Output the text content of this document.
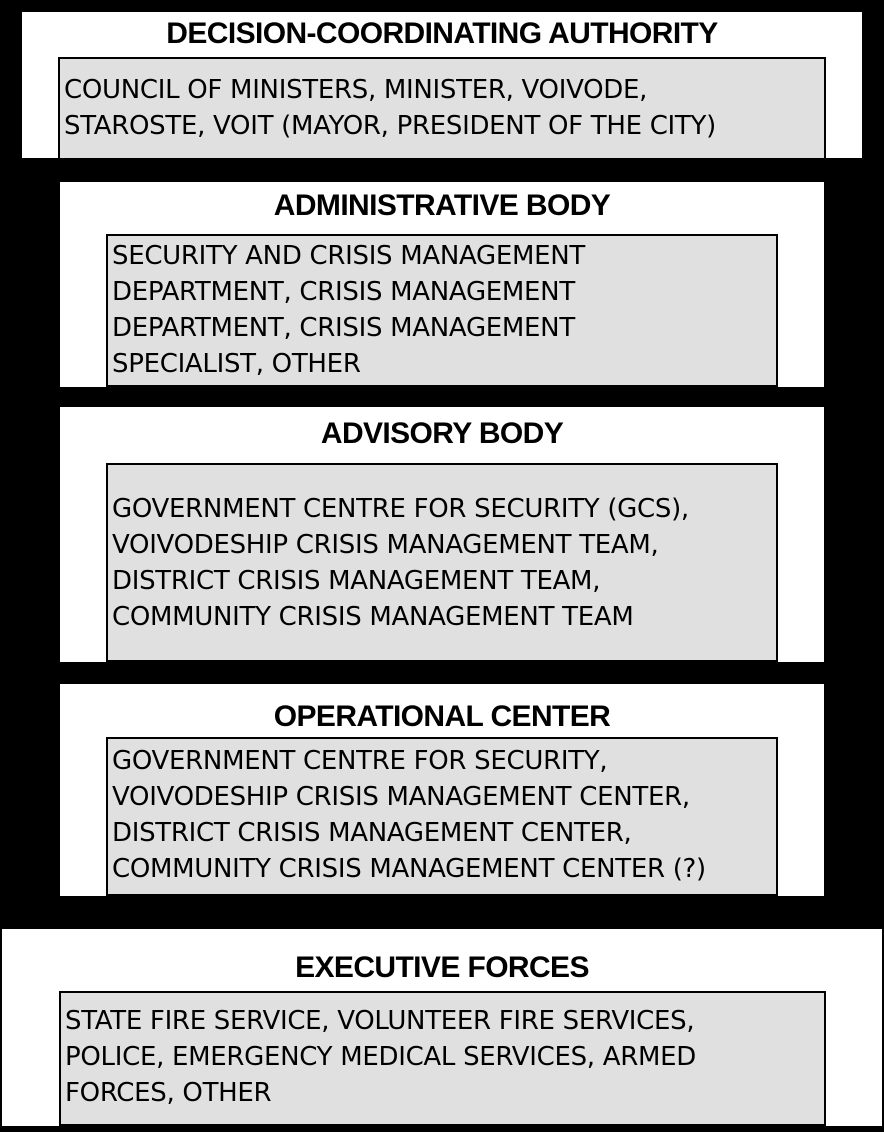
DECISION-COORDINATING AUTHORITY
COUNCIL OF MINISTERS, MINISTER, VOIVODE,
STAROSTE, VOIT (MAYOR, PRESIDENT OF THE CITY)
ADMINISTRATIVE BODY
SECURITY AND CRISIS MANAGEMENT
DEPARTMENT, CRISIS MANAGEMENT
DEPARTMENT, CRISIS MANAGEMENT
SPECIALIST, OTHER
ADVISORY BODY
GOVERNMENT CENTRE FOR SECURITY (GCS),
VOIVODESHIP CRISIS MANAGEMENT TEAM,
DISTRICT CRISIS MANAGEMENT TEAM,
COMMUNITY CRISIS MANAGEMENT TEAM
OPERATIONAL CENTER
GOVERNMENT CENTRE FOR SECURITY,
VOIVODESHIP CRISIS MANAGEMENT CENTER,
DISTRICT CRISIS MANAGEMENT CENTER,
COMMUNITY CRISIS MANAGEMENT CENTER (?)
EXECUTIVE FORCES
STATE FIRE SERVICE, VOLUNTEER FIRE SERVICES,
POLICE, EMERGENCY MEDICAL SERVICES, ARMED
FORCES, OTHER
